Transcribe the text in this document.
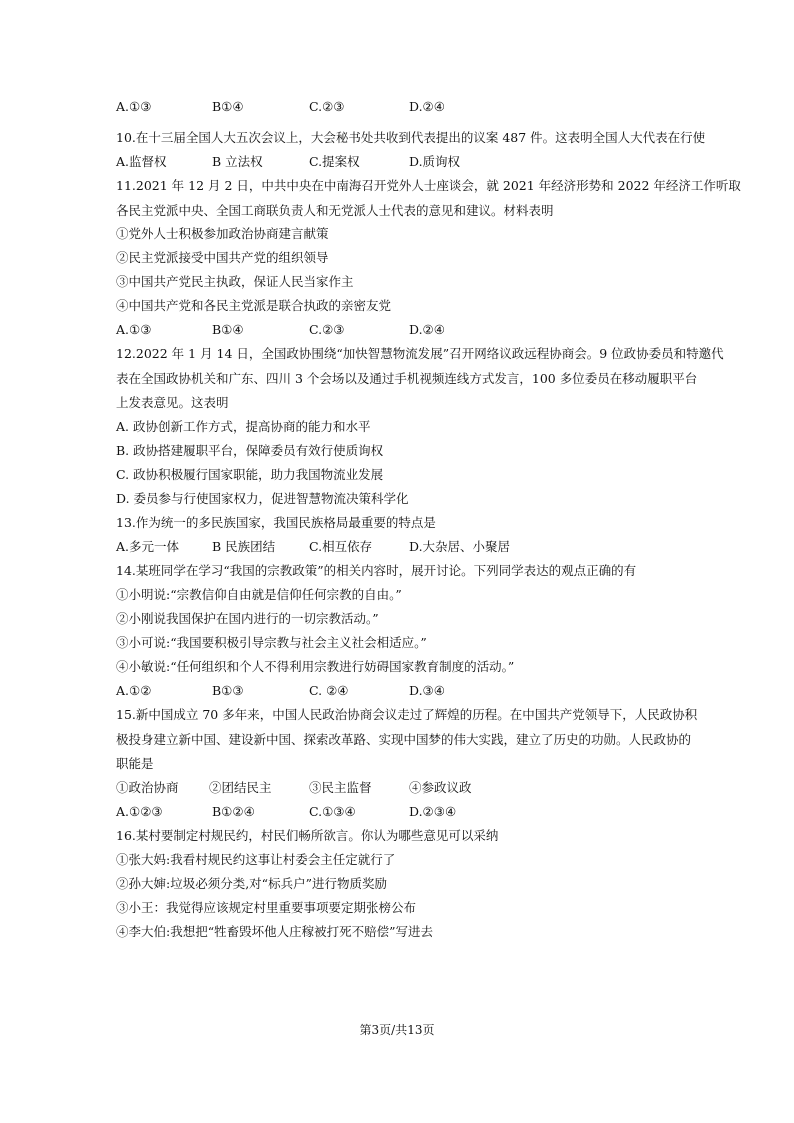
A.①③	B①④	C.②③	D.②④
10.在十三届全国人大五次会议上，大会秘书处共收到代表提出的议案 487 件。这表明全国人大代表在行使
A.监督权	B 立法权	C.提案权	D.质询权
11.2021 年 12 月 2 日，中共中央在中南海召开党外人士座谈会，就 2021 年经济形势和 2022 年经济工作听取
各民主党派中央、全国工商联负责人和无党派人士代表的意见和建议。材料表明
①党外人士积极参加政治协商建言献策
②民主党派接受中国共产党的组织领导
③中国共产党民主执政，保证人民当家作主
④中国共产党和各民主党派是联合执政的亲密友党
A.①③	B①④	C.②③	D.②④
12.2022 年 1 月 14 日，全国政协围绕“加快智慧物流发展”召开网络议政远程协商会。9 位政协委员和特邀代
表在全国政协机关和广东、四川 3 个会场以及通过手机视频连线方式发言，100 多位委员在移动履职平台
上发表意见。这表明
A. 政协创新工作方式，提高协商的能力和水平
B. 政协搭建履职平台，保障委员有效行使质询权
C. 政协积极履行国家职能，助力我国物流业发展
D. 委员参与行使国家权力，促进智慧物流决策科学化
13.作为统一的多民族国家，我国民族格局最重要的特点是
A.多元一体	B 民族团结	C.相互依存	D.大杂居、小聚居
14.某班同学在学习“我国的宗教政策”的相关内容时，展开讨论。下列同学表达的观点正确的有
①小明说:“宗教信仰自由就是信仰任何宗教的自由。”
②小刚说我国保护在国内进行的一切宗教活动。”
③小可说:“我国要积极引导宗教与社会主义社会相适应。”
④小敏说:“任何组织和个人不得利用宗教进行妨碍国家教育制度的活动。”
A.①②	B①③	C. ②④	D.③④
15.新中国成立 70 多年来，中国人民政治协商会议走过了辉煌的历程。在中国共产党领导下，人民政协积
极投身建立新中国、建设新中国、探索改革路、实现中国梦的伟大实践，建立了历史的功勋。人民政协的
职能是
①政治协商 ②团结民主	③民主监督	④参政议政
A.①②③	B①②④	C.①③④	D.②③④
16.某村要制定村规民约，村民们畅所欲言。你认为哪些意见可以采纳
①张大妈:我看村规民约这事让村委会主任定就行了
②孙大婶:垃圾必须分类,对“标兵户”进行物质奖励
③小王：我觉得应该规定村里重要事项要定期张榜公布
④李大伯:我想把“牲畜毁坏他人庄稼被打死不赔偿”写进去
第3页/共13页
